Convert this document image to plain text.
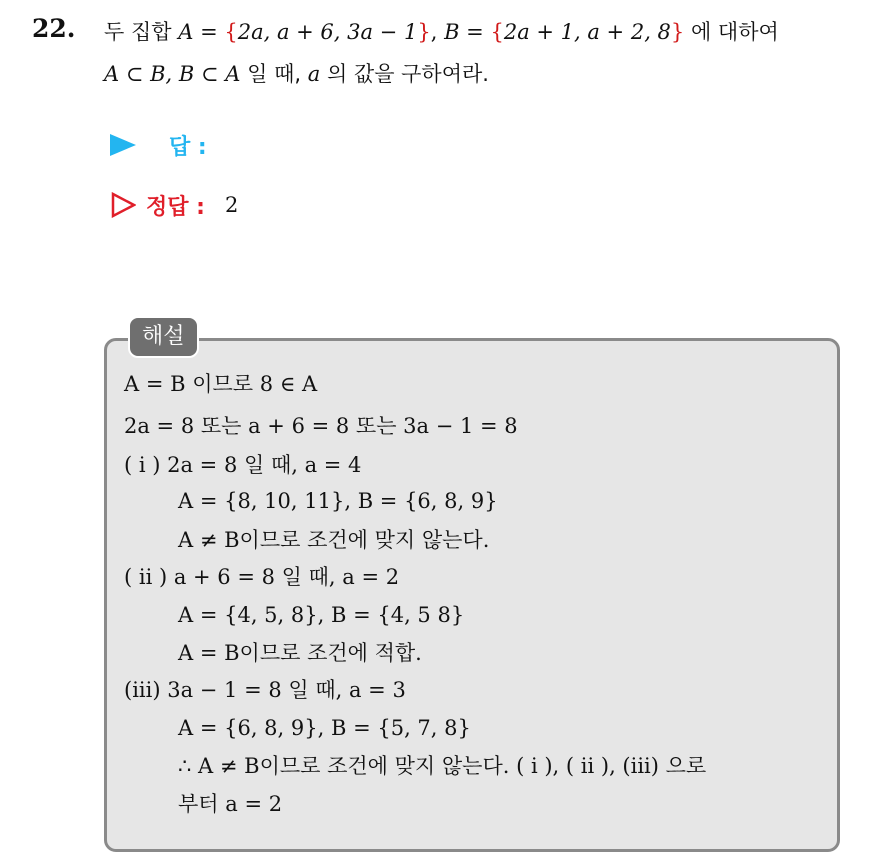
22. 두 집합 A = {2a, a + 6, 3a − 1}, B = {2a + 1, a + 2, 8} 에 대하여
A ⊂ B, B ⊂ A 일 때, a 의 값을 구하여라.
답 :
정답 : 2
해설
A = B 이므로 8 ∈ A
2a = 8 또는 a + 6 = 8 또는 3a − 1 = 8
( i ) 2a = 8 일 때, a = 4
A = {8, 10, 11}, B = {6, 8, 9}
A ≠ B이므로 조건에 맞지 않는다.
( ii ) a + 6 = 8 일 때, a = 2
A = {4, 5, 8}, B = {4, 5 8}
A = B이므로 조건에 적합.
(iii) 3a − 1 = 8 일 때, a = 3
A = {6, 8, 9}, B = {5, 7, 8}
∴ A ≠ B이므로 조건에 맞지 않는다. ( i ), ( ii ), (iii) 으로
부터 a = 2
